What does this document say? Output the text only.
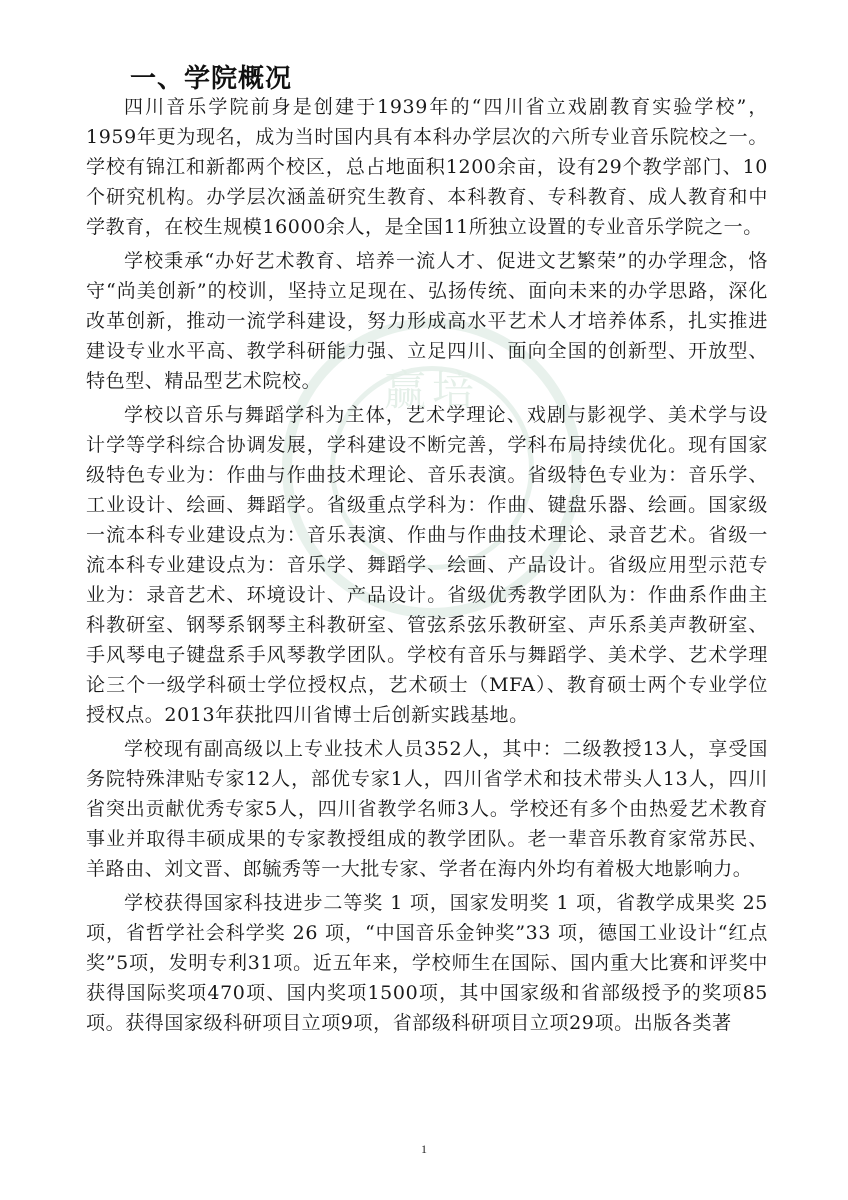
赢培
一、学院概况

四川音乐学院前身是创建于1939年的“四川省立戏剧教育实验学校”，1959年更为现名，成为当时国内具有本科办学层次的六所专业音乐院校之一。学校有锦江和新都两个校区，总占地面积1200余亩，设有29个教学部门、10个研究机构。办学层次涵盖研究生教育、本科教育、专科教育、成人教育和中学教育，在校生规模16000余人，是全国11所独立设置的专业音乐学院之一。

学校秉承“办好艺术教育、培养一流人才、促进文艺繁荣”的办学理念，恪守“尚美创新”的校训，坚持立足现在、弘扬传统、面向未来的办学思路，深化改革创新，推动一流学科建设，努力形成高水平艺术人才培养体系，扎实推进建设专业水平高、教学科研能力强、立足四川、面向全国的创新型、开放型、特色型、精品型艺术院校。

学校以音乐与舞蹈学科为主体，艺术学理论、戏剧与影视学、美术学与设计学等学科综合协调发展，学科建设不断完善，学科布局持续优化。现有国家级特色专业为：作曲与作曲技术理论、音乐表演。省级特色专业为：音乐学、工业设计、绘画、舞蹈学。省级重点学科为：作曲、键盘乐器、绘画。国家级一流本科专业建设点为：音乐表演、作曲与作曲技术理论、录音艺术。省级一流本科专业建设点为：音乐学、舞蹈学、绘画、产品设计。省级应用型示范专业为：录音艺术、环境设计、产品设计。省级优秀教学团队为：作曲系作曲主科教研室、钢琴系钢琴主科教研室、管弦系弦乐教研室、声乐系美声教研室、手风琴电子键盘系手风琴教学团队。学校有音乐与舞蹈学、美术学、艺术学理论三个一级学科硕士学位授权点，艺术硕士（MFA）、教育硕士两个专业学位授权点。2013年获批四川省博士后创新实践基地。

学校现有副高级以上专业技术人员352人，其中：二级教授13人，享受国务院特殊津贴专家12人，部优专家1人，四川省学术和技术带头人13人，四川省突出贡献优秀专家5人，四川省教学名师3人。学校还有多个由热爱艺术教育事业并取得丰硕成果的专家教授组成的教学团队。老一辈音乐教育家常苏民、羊路由、刘文晋、郎毓秀等一大批专家、学者在海内外均有着极大地影响力。

学校获得国家科技进步二等奖 1 项，国家发明奖 1 项，省教学成果奖 25项，省哲学社会科学奖 26 项，“中国音乐金钟奖”33 项，德国工业设计“红点奖”5项，发明专利31项。近五年来，学校师生在国际、国内重大比赛和评奖中获得国际奖项470项、国内奖项1500项，其中国家级和省部级授予的奖项85项。获得国家级科研项目立项9项，省部级科研项目立项29项。出版各类著

1
